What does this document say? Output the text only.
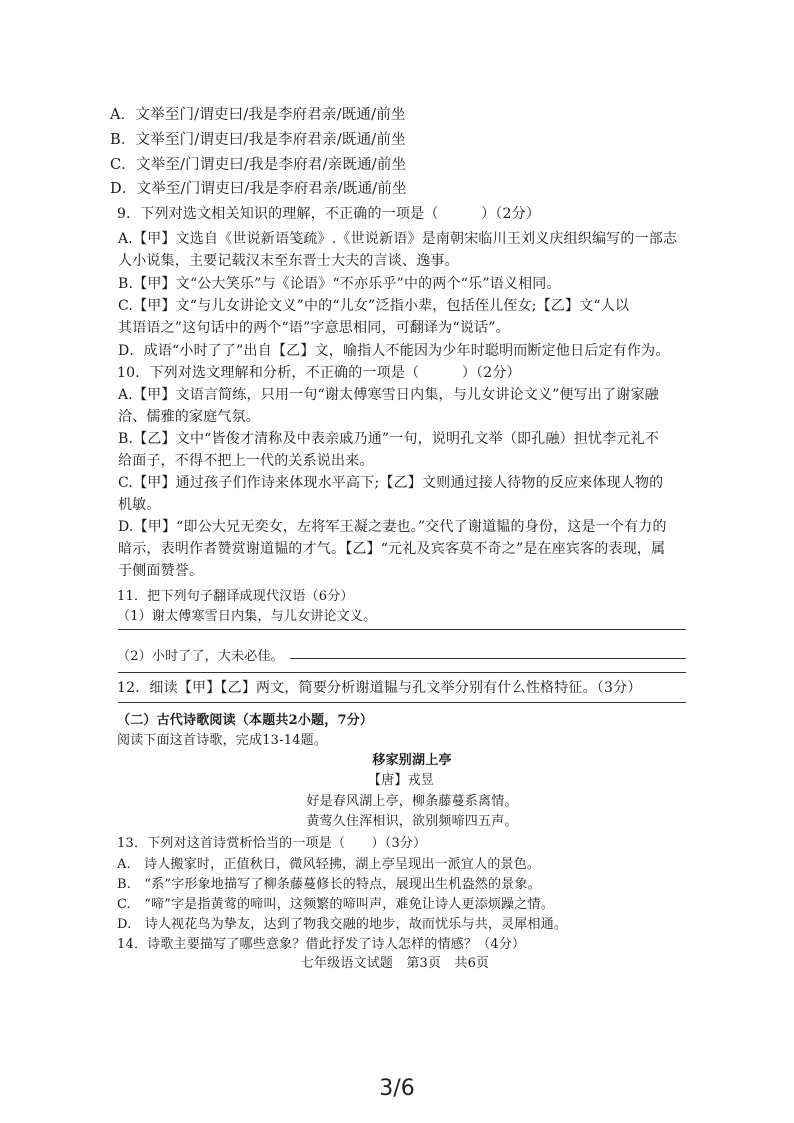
A．文举至门/谓吏曰/我是李府君亲/既通/前坐
B．文举至门/谓吏曰/我是李府君亲/既通/前坐
C．文举至/门谓吏曰/我是李府君/亲既通/前坐
D．文举至/门谓吏曰/我是李府君亲/既通/前坐
9．下列对选文相关知识的理解，不正确的一项是（　　　）（2分）
A.【甲】文选自《世说新语笺疏》.《世说新语》是南朝宋临川王刘义庆组织编写的一部志
人小说集，主要记载汉末至东晋士大夫的言谈、逸事。
B.【甲】文“公大笑乐”与《论语》“不亦乐乎”中的两个“乐”语义相同。
C.【甲】文“与儿女讲论文义”中的“儿女”泛指小辈，包括侄儿侄女;【乙】文“人以
其语语之”这句话中的两个“语”字意思相同，可翻译为“说话”。
D．成语“小时了了”出自【乙】文，喻指人不能因为少年时聪明而断定他日后定有作为。
10．下列对选文理解和分析，不正确的一项是（　　　）（2分）
A.【甲】文语言简练，只用一句“谢太傅寒雪日内集，与儿女讲论文义”便写出了谢家融
洽、儒雅的家庭气氛。
B.【乙】文中“皆俊才清称及中表亲戚乃通”一句，说明孔文举（即孔融）担忧李元礼不
给面子，不得不把上一代的关系说出来。
C.【甲】通过孩子们作诗来体现水平高下;【乙】文则通过接人待物的反应来体现人物的
机敏。
D.【甲】“即公大兄无奕女，左将军王凝之妻也。”交代了谢道韫的身份，这是一个有力的
暗示，表明作者赞赏谢道韫的才气。【乙】“元礼及宾客莫不奇之”是在座宾客的表现，属
于侧面赞誉。
11．把下列句子翻译成现代汉语（6分）
（1）谢太傅寒雪日内集，与儿女讲论文义。
（2）小时了了，大未必佳。
12．细读【甲】【乙】两文，简要分析谢道韫与孔文举分别有什么性格特征。（3分）
（二）古代诗歌阅读（本题共2小题，7分）
阅读下面这首诗歌，完成13-14题。
移家别湖上亭
【唐】戎昱
好是春风湖上亭，柳条藤蔓系离情。
黄莺久住浑相识，欲别频啼四五声。
13．下列对这首诗赏析恰当的一项是（　　）（3分）
A.　诗人搬家时，正值秋日，微风轻拂，湖上亭呈现出一派宜人的景色。
B.　“系”字形象地描写了柳条藤蔓修长的特点，展现出生机盎然的景象。
C.　“啼”字是指黄莺的啼叫，这频繁的啼叫声，难免让诗人更添烦躁之情。
D.　诗人视花鸟为挚友，达到了物我交融的地步，故而忧乐与共，灵犀相通。
14．诗歌主要描写了哪些意象？借此抒发了诗人怎样的情感？（4分）
七年级语文试题　第3页　共6页
3/6
